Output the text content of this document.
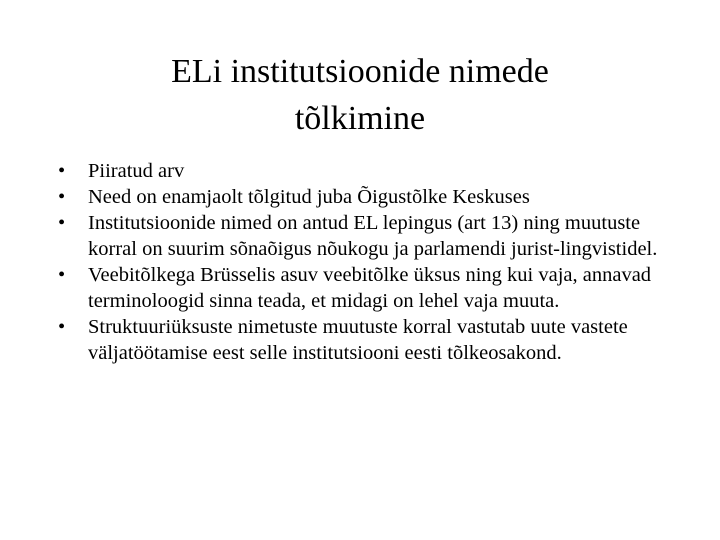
ELi institutsioonide nimede
tõlkimine
•	Piiratud arv
•	Need on enamjaolt tõlgitud juba Õigustõlke Keskuses
•	Institutsioonide nimed on antud EL lepingus (art 13) ning muutuste korral on suurim sõnaõigus nõukogu ja parlamendi jurist-lingvistidel.
•	Veebitõlkega Brüsselis asuv veebitõlke üksus ning kui vaja, annavad terminoloogid sinna teada, et midagi on lehel vaja muuta.
•	Struktuuriüksuste nimetuste muutuste korral vastutab uute vastete väljatöötamise eest selle institutsiooni eesti tõlkeosakond.
